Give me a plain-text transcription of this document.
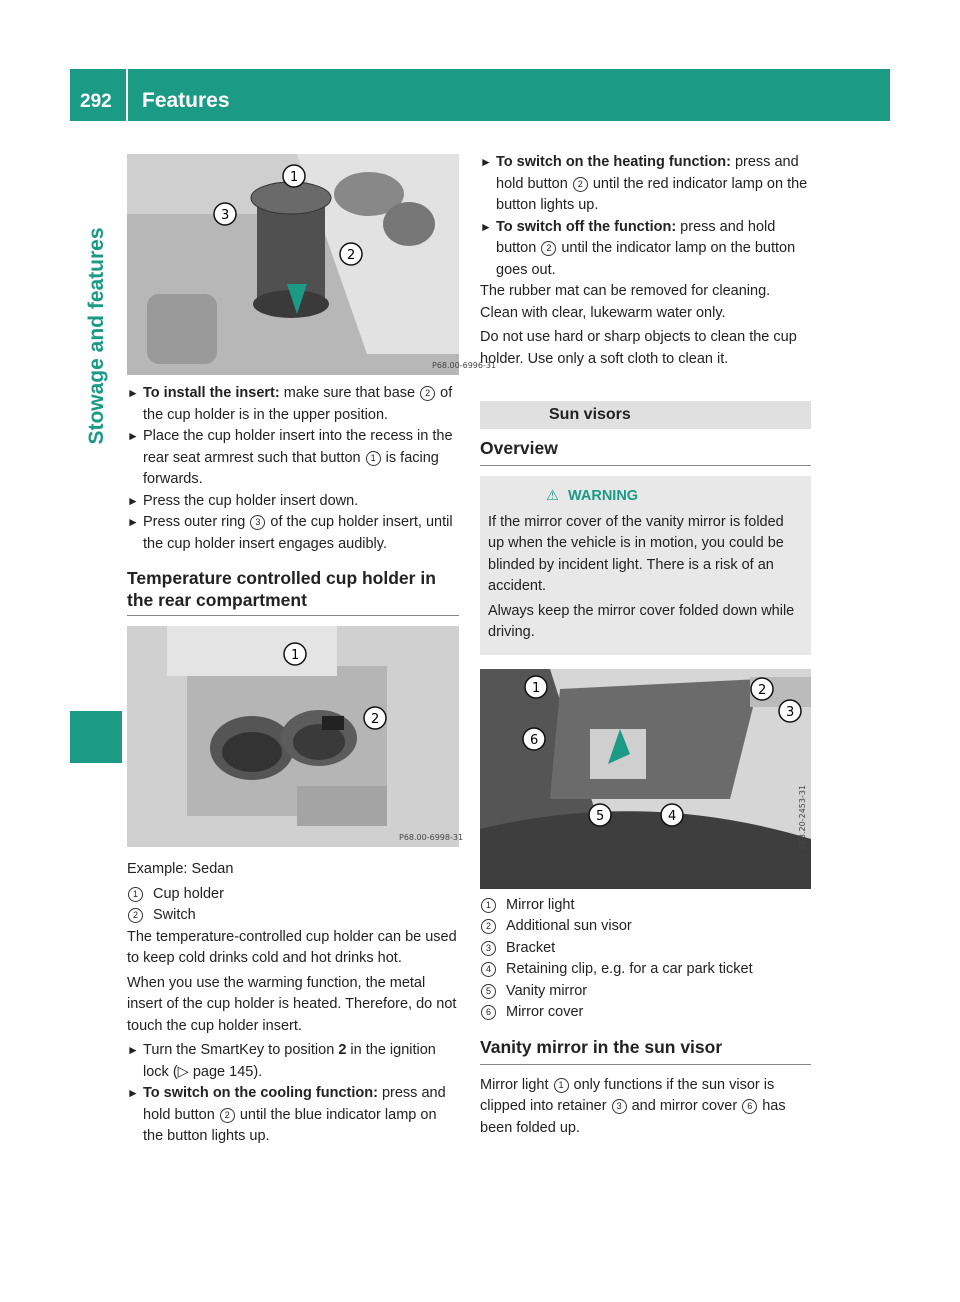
292 Features
Stowage and features	P68.00-6996-31
1
2
3

► To install the insert: make sure that base 2 of the cup holder is in the upper position.

► Place the cup holder insert into the recess in the rear seat armrest such that button 1 is facing forwards.

► Press the cup holder insert down.

► Press outer ring 3 of the cup holder insert, until the cup holder insert engages audibly.

Temperature controlled cup holder in the rear compartment
P68.00-6998-31
1
2

Example: Sedan

1 Cup holder

2 Switch

The temperature-controlled cup holder can be used to keep cold drinks cold and hot drinks hot.

When you use the warming function, the metal insert of the cup holder is heated. Therefore, do not touch the cup holder insert.

► Turn the SmartKey to position 2 in the ignition lock (▷ page 145).

► To switch on the cooling function: press and hold button 2 until the blue indicator lamp on the button lights up.

► To switch on the heating function: press and hold button 2 until the red indicator lamp on the button lights up.

► To switch off the function: press and hold button 2 until the indicator lamp on the button goes out.

The rubber mat can be removed for cleaning. Clean with clear, lukewarm water only.

Do not use hard or sharp objects to clean the cup holder. Use only a soft cloth to clean it.

Sun visors
Overview

⚠ WARNING

If the mirror cover of the vanity mirror is folded up when the vehicle is in motion, you could be blinded by incident light. There is a risk of an accident.

Always keep the mirror cover folded down while driving.

P68.20-2453-31
1	2
3
4
5
6

1 Mirror light

2 Additional sun visor

3 Bracket

4 Retaining clip, e.g. for a car park ticket

5 Vanity mirror

6 Mirror cover

Vanity mirror in the sun visor

Mirror light 1 only functions if the sun visor is clipped into retainer 3 and mirror cover 6 has been folded up.
